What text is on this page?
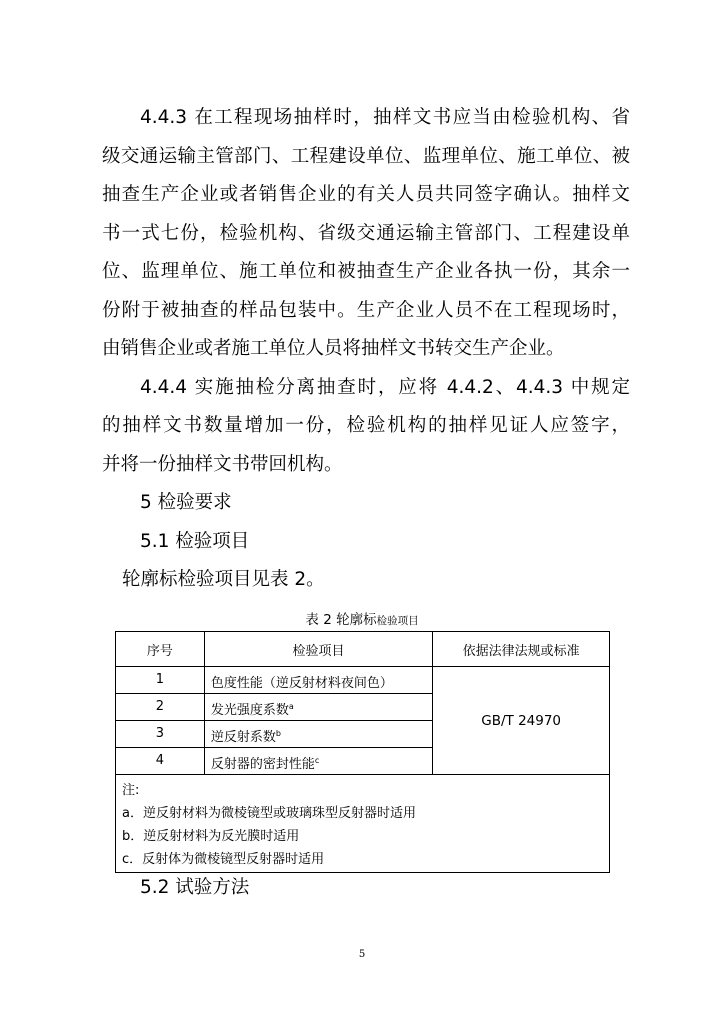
4.4.3 在工程现场抽样时，抽样文书应当由检验机构、省
级交通运输主管部门、工程建设单位、监理单位、施工单位、被
抽查生产企业或者销售企业的有关人员共同签字确认。抽样文
书一式七份，检验机构、省级交通运输主管部门、工程建设单
位、监理单位、施工单位和被抽查生产企业各执一份，其余一
份附于被抽查的样品包装中。生产企业人员不在工程现场时，
由销售企业或者施工单位人员将抽样文书转交生产企业。
4.4.4 实施抽检分离抽查时，应将 4.4.2、4.4.3 中规定
的抽样文书数量增加一份，检验机构的抽样见证人应签字，
并将一份抽样文书带回机构。
5 检验要求
5.1 检验项目
轮廓标检验项目见表 2。
表 2 轮廓标检验项目
序号	检验项目	依据法律法规或标准
1	色度性能（逆反射材料夜间色）	GB/T 24970
2	发光强度系数$^a$
3	逆反射系数$^b$
4	反射器的密封性能$^c$

注:
a．逆反射材料为微棱镜型或玻璃珠型反射器时适用
b．逆反射材料为反光膜时适用
c．反射体为微棱镜型反射器时适用		
5.2 试验方法
5
